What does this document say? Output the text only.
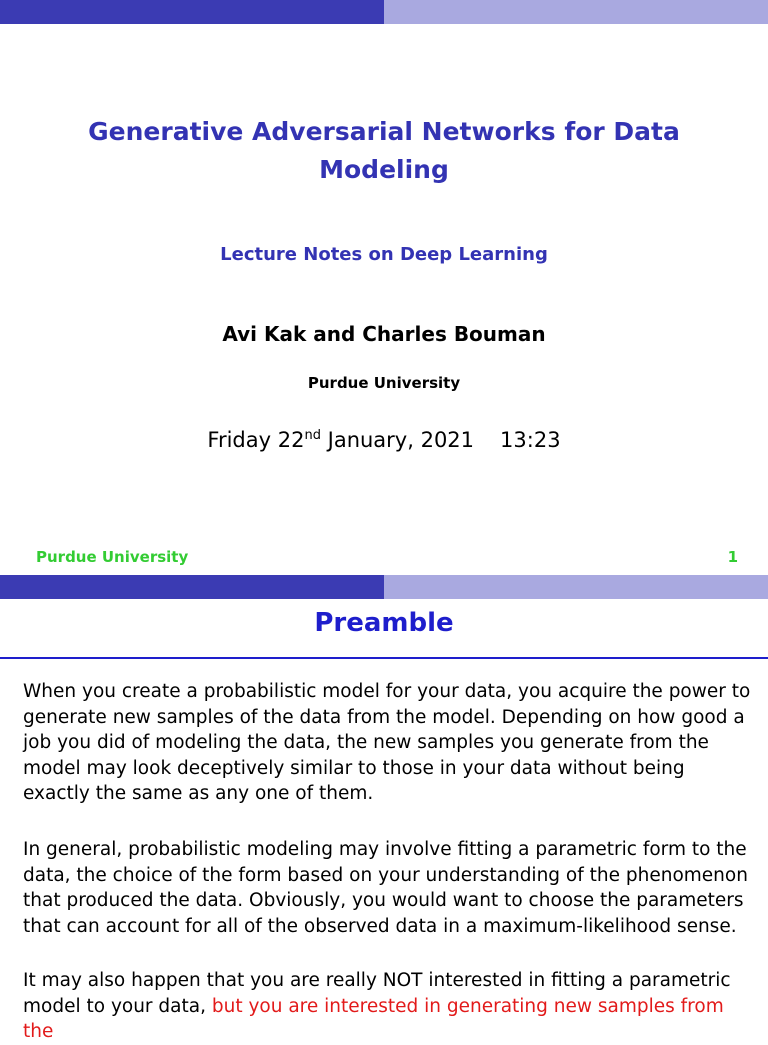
Generative Adversarial Networks for Data Modeling
Lecture Notes on Deep Learning
Avi Kak and Charles Bouman
Purdue University
Friday 22nd January, 2021 13:23
Purdue University	1
Preamble

When you create a probabilistic model for your data, you acquire the power to generate new samples of the data from the model. Depending on how good a job you did of modeling the data, the new samples you generate from the model may look deceptively similar to those in your data without being exactly the same as any one of them.

In general, probabilistic modeling may involve fitting a parametric form to the data, the choice of the form based on your understanding of the phenomenon that produced the data. Obviously, you would want to choose the parameters that can account for all of the observed data in a maximum-likelihood sense.

It may also happen that you are really NOT interested in fitting a parametric model to your data, but you are interested in generating new samples from the
